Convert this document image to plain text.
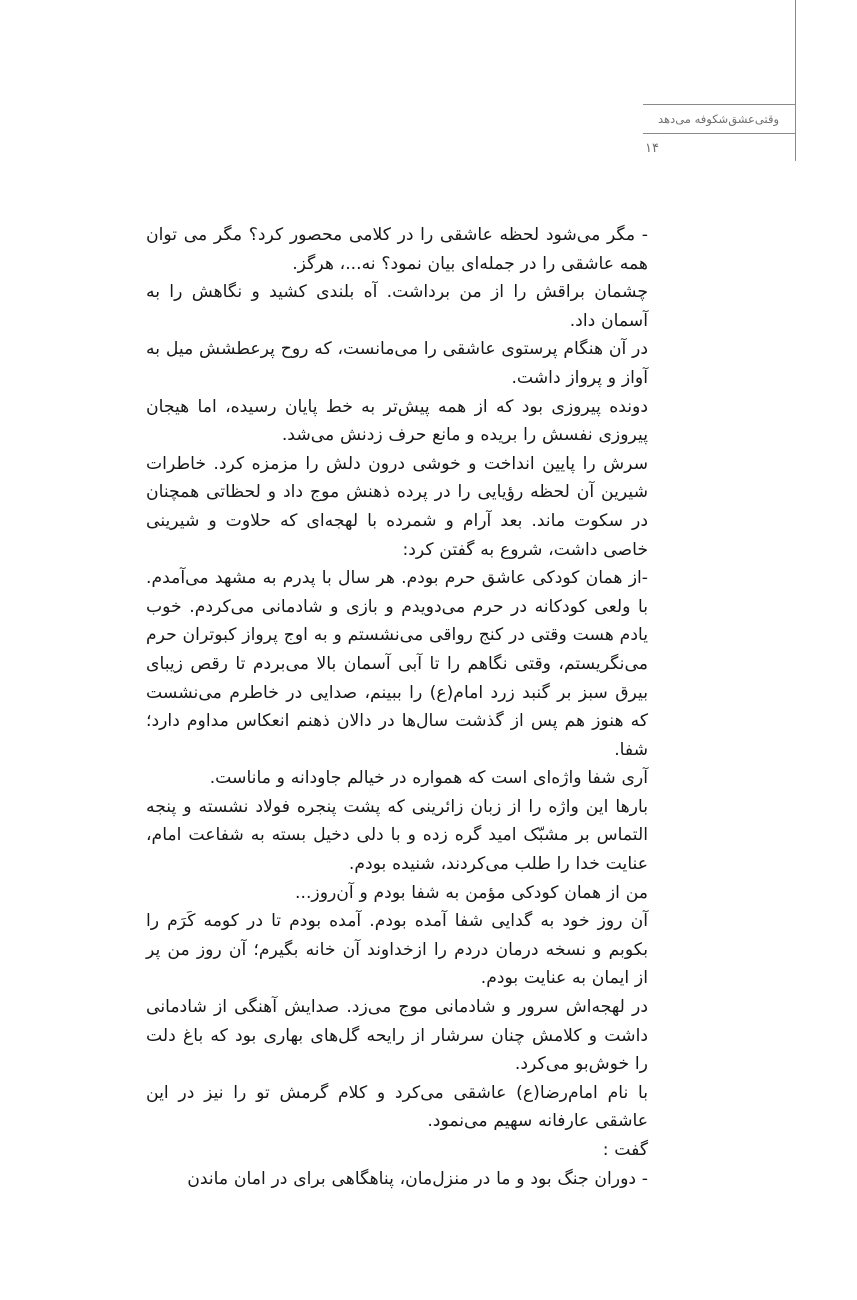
وقتی‌عشق‌شکوفه می‌دهد
۱۴

- مگر می‌شود لحظه عاشقی را در کلامی محصور کرد؟ مگر می توان همه عاشقی را در جمله‌ای بیان نمود؟ نه...، هرگز.

چشمان براقش را از من برداشت. آه بلندی کشید و نگاهش را به آسمان داد.

در آن هنگام پرستوی عاشقی را می‌مانست، که روح پرعطشش میل به آواز و پرواز داشت.

دونده پیروزی بود که از همه پیش‌تر به خط پایان رسیده، اما هیجان پیروزی نفسش را بریده و مانع حرف زدنش می‌شد.

سرش را پایین انداخت و خوشی درون دلش را مزمزه کرد. خاطرات شیرین آن لحظه رؤیایی را در پرده ذهنش موج داد و لحظاتی همچنان در سکوت ماند. بعد آرام و شمرده با لهجه‌ای که حلاوت و شیرینی خاصی داشت، شروع به گفتن کرد:

-از همان کودکی عاشق حرم بودم. هر سال با پدرم به مشهد می‌آمدم. با ولعی کودکانه در حرم می‌دویدم و بازی و شادمانی می‌کردم. خوب یادم هست وقتی در کنج رواقی می‌نشستم و به اوج پرواز کبوتران حرم می‌نگریستم، وقتی نگاهم را تا آبی آسمان بالا می‌بردم تا رقص زیبای بیرق سبز بر گنبد زرد امام(ع) را ببینم، صدایی در خاطرم می‌نشست که هنوز هم پس از گذشت سال‌ها در دالان ذهنم انعکاس مداوم دارد؛ شفا.

آری شفا واژه‌ای است که همواره در خیالم جاودانه و ماناست.

بارها این واژه را از زبان زائرینی که پشت پنجره فولاد نشسته و پنجه التماس بر مشبّک امید گره زده و با دلی دخیل بسته به شفاعت امام، عنایت خدا را طلب می‌کردند، شنیده بودم.

من از همان کودکی مؤمن به شفا بودم و آن‌روز...

آن روز خود به گدایی شفا آمده بودم. آمده بودم تا در کومه کَرَم را بکوبم و نسخه درمان دردم را ازخداوند آن خانه بگیرم؛ آن روز من پر از ایمان به عنایت بودم.

در لهجه‌اش سرور و شادمانی موج می‌زد. صدایش آهنگی از شادمانی داشت و کلامش چنان سرشار از رایحه گل‌های بهاری بود که باغ دلت را خوش‌بو می‌کرد.

با نام امام‌رضا(ع) عاشقی می‌کرد و کلام گرمش تو را نیز در این عاشقی عارفانه سهیم می‌نمود.

گفت :

- دوران جنگ بود و ما در منزل‌مان، پناهگاهی برای در امان ماندن
